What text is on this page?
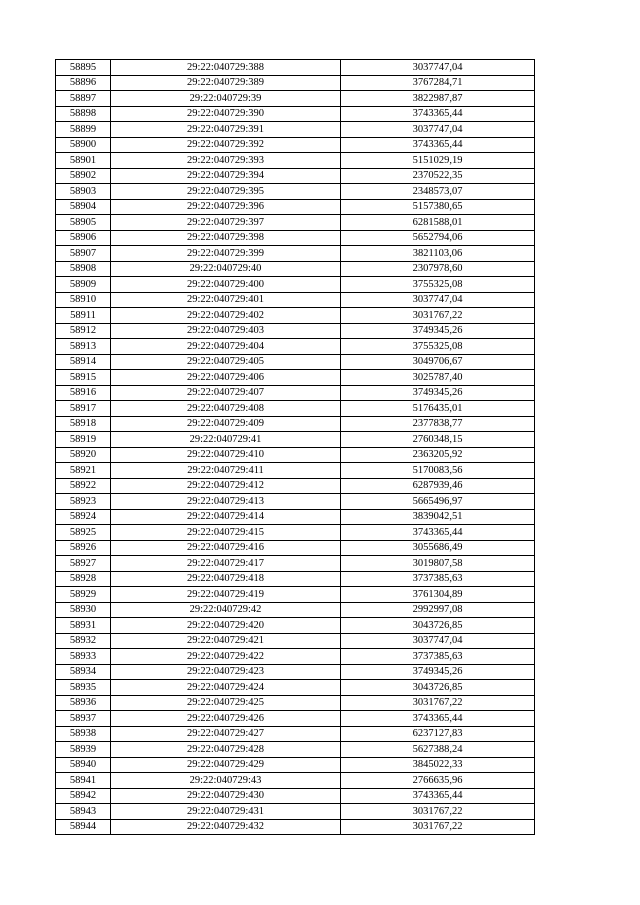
58895	29:22:040729:388	3037747,04
58896	29:22:040729:389	3767284,71
58897	29:22:040729:39	3822987,87
58898	29:22:040729:390	3743365,44
58899	29:22:040729:391	3037747,04
58900	29:22:040729:392	3743365,44
58901	29:22:040729:393	5151029,19
58902	29:22:040729:394	2370522,35
58903	29:22:040729:395	2348573,07
58904	29:22:040729:396	5157380,65
58905	29:22:040729:397	6281588,01
58906	29:22:040729:398	5652794,06
58907	29:22:040729:399	3821103,06
58908	29:22:040729:40	2307978,60
58909	29:22:040729:400	3755325,08
58910	29:22:040729:401	3037747,04
58911	29:22:040729:402	3031767,22
58912	29:22:040729:403	3749345,26
58913	29:22:040729:404	3755325,08
58914	29:22:040729:405	3049706,67
58915	29:22:040729:406	3025787,40
58916	29:22:040729:407	3749345,26
58917	29:22:040729:408	5176435,01
58918	29:22:040729:409	2377838,77
58919	29:22:040729:41	2760348,15
58920	29:22:040729:410	2363205,92
58921	29:22:040729:411	5170083,56
58922	29:22:040729:412	6287939,46
58923	29:22:040729:413	5665496,97
58924	29:22:040729:414	3839042,51
58925	29:22:040729:415	3743365,44
58926	29:22:040729:416	3055686,49
58927	29:22:040729:417	3019807,58
58928	29:22:040729:418	3737385,63
58929	29:22:040729:419	3761304,89
58930	29:22:040729:42	2992997,08
58931	29:22:040729:420	3043726,85
58932	29:22:040729:421	3037747,04
58933	29:22:040729:422	3737385,63
58934	29:22:040729:423	3749345,26
58935	29:22:040729:424	3043726,85
58936	29:22:040729:425	3031767,22
58937	29:22:040729:426	3743365,44
58938	29:22:040729:427	6237127,83
58939	29:22:040729:428	5627388,24
58940	29:22:040729:429	3845022,33
58941	29:22:040729:43	2766635,96
58942	29:22:040729:430	3743365,44
58943	29:22:040729:431	3031767,22
58944	29:22:040729:432	3031767,22
